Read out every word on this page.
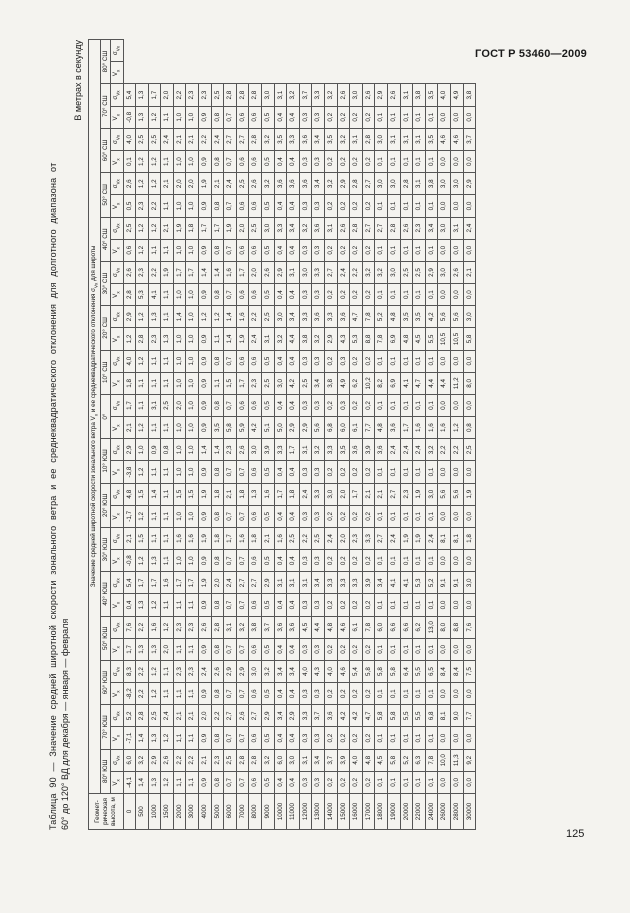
ГОСТ Р 53460—2009
Таблица 90 — Значение средней широтной скорости зонального ветра и ее среднеквадратического отклонения для долготного диапазона от 60° до 120° ВД для декабря — января — февраля
В метрах в секунду
Геомет-рическая высота, м	Значение средней широтной скорости зонального ветра $V_x$ и ее среднеквадратического отклонения $\sigma_{Vx}$ для широты																																	
	80° ЮШ		70° ЮШ		60° ЮШ		50° ЮШ		40° ЮШ		30° ЮШ		20° ЮШ		10° ЮШ		0°		10° СШ		20° СШ		30° СШ		40° СШ		50° СШ		60° СШ		70° СШ		80° СШ	
	$V_x$	$\sigma_{Vx}$	$V_x$	$\sigma_{Vx}$	$V_x$	$\sigma_{Vx}$	$V_x$	$\sigma_{Vx}$	$V_x$	$\sigma_{Vx}$	$V_x$	$\sigma_{Vx}$	$V_x$	$\sigma_{Vx}$	$V_x$	$\sigma_{Vx}$	$V_x$	$\sigma_{Vx}$	$V_x$	$\sigma_{Vx}$	$V_x$	$\sigma_{Vx}$	$V_x$	$\sigma_{Vx}$	$V_x$	$\sigma_{Vx}$	$V_x$	$\sigma_{Vx}$	$V_x$	$\sigma_{Vx}$	$V_x$	$\sigma_{Vx}$	$V_x$	$\sigma_{Vx}$
0	-4,1	6,0	-7,1	5,2	-8,2	8,3	1,7	7,6	0,4	5,4	-0,8	2,1	-1,7	4,8	-3,8	2,9	2,1	1,7	1,8	4,0	1,2	2,9	2,8	2,6	0,6	2,5	0,5	2,6	0,1	4,0	-0,8	5,4		
500	1,4	3,2	1,4	2,8	2,2	2,2	1,3	2,2	1,3	1,7	1,2	1,5	1,2	1,5	1,2	1,0	1,2	1,1	1,1	1,2	2,8	1,2	5,3	2,3	1,2	1,2	2,3	1,2	1,2	2,5	1,3	1,3		
1000	1,3	2,9	1,3	2,5	1,2	1,2	1,3	1,6	1,2	1,7	1,3	1,1	1,1	1,4	1,1	0,9	1,1	3,1	1,1	1,1	2,3	1,3	4,1	2,2	1,1	1,2	2,2	1,2	1,2	2,5	1,2	1,7		
1500	1,2	2,6	1,2	2,4	1,1	1,1	2,0	1,2	1,1	1,6	1,1	1,1	1,1	1,1	1,1	0,8	1,1	2,5	1,1	1,1	1,3	1,1	1,1	1,9	1,1	2,1	1,1	2,1	1,1	2,4	1,1	2,0		
2000	1,1	2,2	1,1	2,1	1,1	2,3	1,1	2,3	1,1	1,7	1,0	1,6	1,0	1,5	1,0	1,0	1,0	2,0	1,0	1,0	1,0	1,4	1,0	1,7	1,0	1,9	1,0	2,0	1,0	2,1	1,0	2,2		
3000	1,1	2,2	1,1	2,1	1,1	2,3	1,1	2,3	1,1	1,7	1,0	1,6	1,0	1,5	1,0	1,0	1,0	1,0	1,0	1,0	1,0	1,0	1,0	1,7	1,0	1,8	1,0	2,0	1,0	2,1	1,0	2,3		
4000	0,9	2,1	0,9	2,0	0,9	2,4	0,9	2,6	0,9	1,9	0,9	1,9	0,9	1,9	0,9	1,4	0,9	0,9	0,9	0,9	0,9	1,2	0,9	1,4	0,9	1,7	0,9	1,9	0,9	2,2	0,9	2,3		
5000	0,8	2,3	0,8	2,2	0,8	2,6	0,8	2,8	0,8	2,0	0,8	1,8	0,8	1,8	0,8	1,4	3,5	0,8	1,1	0,8	1,1	1,2	0,8	1,4	0,8	1,7	0,8	2,1	0,8	2,4	0,8	2,5		
6000	0,7	2,5	0,7	2,7	0,7	2,9	0,7	3,1	0,7	2,4	0,7	1,7	0,7	2,1	0,7	2,3	5,8	0,7	1,5	0,7	1,4	1,4	0,7	1,6	0,7	1,9	0,7	2,4	0,7	2,7	0,7	2,8		
7000	0,7	2,8	0,7	2,6	0,7	2,9	0,7	3,2	0,7	2,7	0,7	1,6	0,7	1,8	0,7	2,6	5,9	0,6	1,7	0,6	1,9	1,6	0,6	1,7	0,6	2,0	0,6	2,5	0,6	2,7	0,6	2,8		
8000	0,6	2,8	0,6	2,7	0,6	3,0	0,6	3,8	0,6	2,7	0,6	1,8	0,6	1,3	0,6	3,0	4,2	0,6	2,3	0,6	2,4	2,2	0,6	2,0	0,6	2,5	0,6	2,6	0,6	2,8	0,6	2,8		
9000	0,5	3,2	0,5	2,9	0,5	3,2	0,5	3,7	0,5	2,9	0,5	2,1	0,5	1,6	0,5	3,9	5,1	0,5	2,5	0,5	3,1	2,5	0,5	2,6	0,5	3,0	0,5	3,2	0,5	3,2	0,5	3,0		
10000	0,4	6,0	0,4	3,4	0,4	3,4	0,4	3,6	0,4	3,1	0,4	1,6	0,4	1,7	0,4	3,3	5,0	0,4	3,0	0,4	3,2	3,0	0,4	2,9	0,4	3,3	0,4	3,6	0,4	3,5	0,4	3,1		
11000	0,4	3,0	0,4	2,9	0,4	3,4	0,4	3,6	0,4	3,1	0,4	2,5	0,4	1,8	0,4	1,7	2,9	0,4	4,2	0,4	4,4	3,4	0,4	3,1	0,4	3,4	0,4	3,6	0,4	3,3	0,4	3,2		
12000	0,3	3,1	0,3	3,3	0,3	4,0	0,3	4,5	0,3	3,1	0,3	2,2	0,3	2,4	0,3	3,1	2,9	0,3	2,5	0,3	3,8	3,3	0,3	3,0	0,3	3,2	0,3	3,6	0,3	3,6	0,3	3,7		
13000	0,3	3,4	0,3	3,7	0,3	4,3	0,3	4,4	0,3	3,4	0,3	2,5	0,3	3,3	0,3	3,2	5,6	0,3	3,4	0,3	3,2	3,6	0,3	3,3	0,3	3,6	0,3	3,4	0,3	3,4	0,3	3,3		
14000	0,2	3,7	0,2	3,6	0,2	4,0	0,2	4,8	0,2	3,3	0,2	2,4	0,2	3,0	0,2	3,3	6,8	0,2	3,8	0,2	2,9	3,3	0,2	2,7	0,2	3,1	0,2	3,2	0,2	3,5	0,2	3,2		
15000	0,2	3,9	0,2	4,2	0,2	4,6	0,2	4,6	0,2	3,3	0,2	2,0	0,2	2,0	0,2	3,5	6,0	0,3	4,9	0,3	4,3	3,6	0,2	2,4	0,2	2,6	0,2	2,9	0,2	3,2	0,2	2,6		
16000	0,2	4,0	0,2	4,2	0,2	5,4	0,2	6,1	0,2	3,3	0,2	2,3	0,2	1,7	0,2	3,6	6,1	0,2	6,2	0,2	5,3	4,7	0,2	2,2	0,2	2,8	0,2	2,8	0,2	3,1	0,2	3,0		
17000	0,2	4,8	0,2	4,7	0,2	5,8	0,2	7,8	0,2	3,9	0,2	3,3	0,2	2,1	0,2	3,9	7,7	0,2	10,2	0,2	8,8	7,8	0,2	3,2	0,2	2,7	0,2	2,7	0,2	2,8	0,2	2,6		
18000	0,1	4,5	0,1	5,8	0,1	5,8	0,1	6,0	0,1	3,4	0,1	2,7	0,1	2,1	0,1	3,6	4,8	0,1	8,2	0,1	7,8	5,2	0,1	3,2	0,1	2,7	0,1	3,0	0,1	3,0	0,1	2,9		
19000	0,1	5,8	0,1	5,8	0,1	5,8	0,1	6,6	0,1	4,1	0,1	2,4	0,1	2,7	0,1	2,4	3,6	0,1	6,9	0,1	6,9	4,8	0,1	3,0	0,1	2,8	0,1	3,0	0,1	3,1	0,1	2,6		
20000	0,1	5,2	0,1	5,5	0,1	6,4	0,1	6,6	0,1	4,1	0,1	1,9	0,1	2,3	0,1	2,4	1,7	0,1	4,1	0,1	4,8	3,5	0,1	2,5	0,1	2,6	0,1	2,8	0,1	3,1	0,1	3,1		
22000	0,1	6,3	0,1	5,5	0,1	5,5	0,1	6,2	0,1	5,3	0,1	1,9	0,1	1,9	0,1	2,4	1,6	0,1	4,7	0,1	4,5	3,5	0,1	2,5	0,1	2,3	0,1	3,1	0,1	3,1	0,1	3,8		
24000	0,1	7,8	0,1	6,8	0,1	6,5	0,1	13,0	0,1	5,2	0,1	2,4	0,1	3,0	0,1	3,2	1,6	0,1	4,4	0,1	5,5	4,2	0,1	2,9	0,1	3,4	0,1	3,8	0,1	3,5	0,1	3,5		
26000	0,0	10,0	0,0	8,1	0,0	8,4	0,0	8,0	0,0	9,1	0,0	8,1	0,0	5,6	0,0	2,2	1,6	0,0	4,4	0,0	10,5	5,6	0,0	3,0	0,0	3,0	0,0	3,0	0,0	4,6	0,0	4,0		
28000	0,0	11,3	0,0	9,0	0,0	8,4	0,0	8,8	0,0	9,1	0,0	8,1	0,0	5,6	0,0	2,2	1,2	0,0	11,2	0,0	10,5	5,6	0,0	2,6	0,0	3,1	0,0	3,0	0,0	4,6	0,0	4,9		
30000	0,0	9,2	0,0	7,7	0,0	7,5	0,0	7,6	0,0	3,0	0,0	1,8	0,0	1,9	0,0	2,5	0,8	0,0	8,0	0,0	5,8	3,0	0,0	2,1	0,0	2,4	0,0	2,9	0,0	3,7	0,0	3,8		
125
